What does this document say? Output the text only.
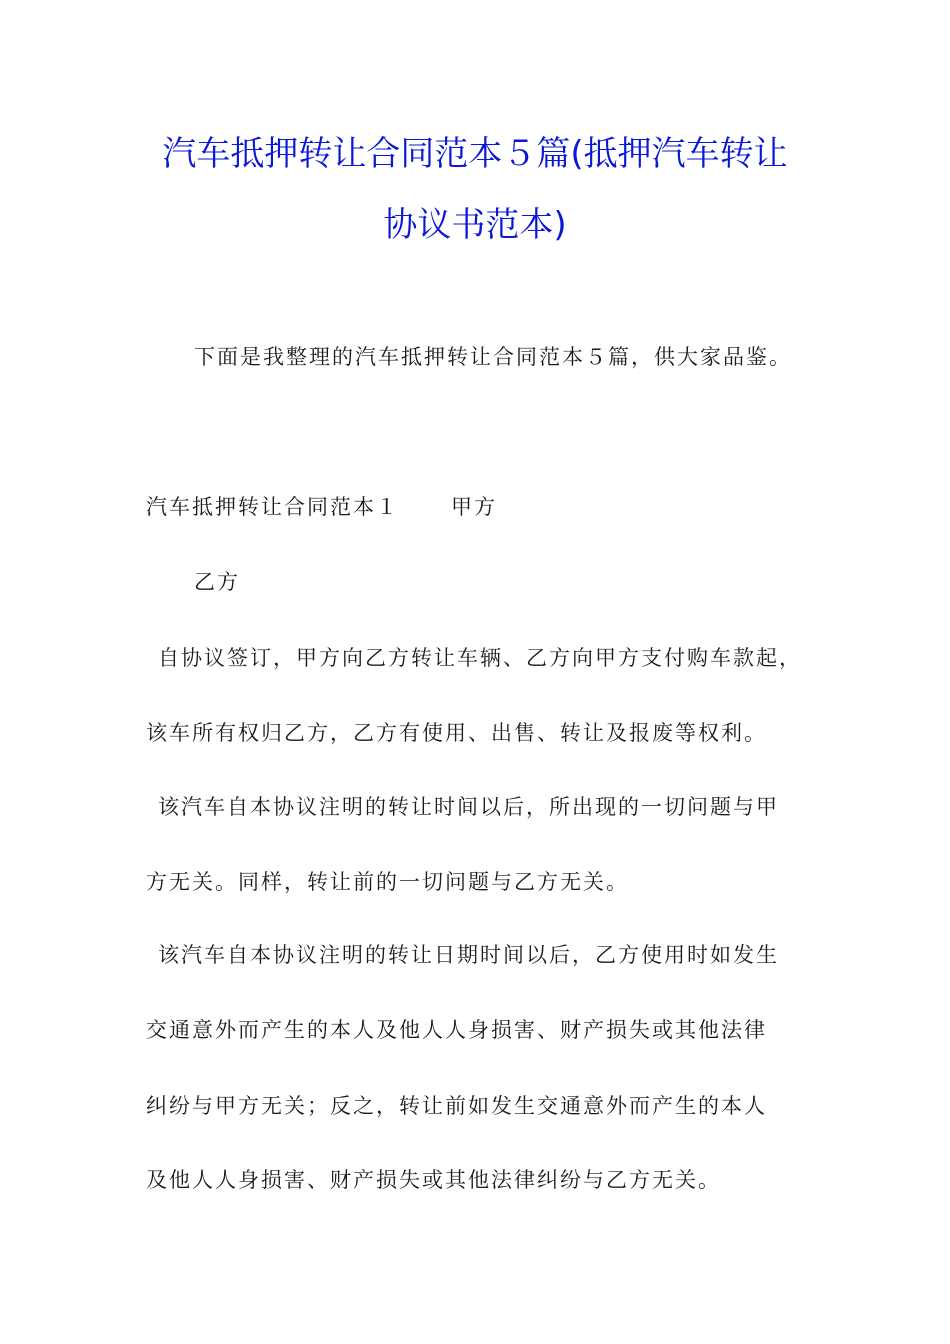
汽车抵押转让合同范本５篇(抵押汽车转让
协议书范本)
下面是我整理的汽车抵押转让合同范本５篇，供大家品鉴。
汽车抵押转让合同范本１ 甲方
乙方
自协议签订，甲方向乙方转让车辆、乙方向甲方支付购车款起，
该车所有权归乙方，乙方有使用、出售、转让及报废等权利。
该汽车自本协议注明的转让时间以后，所出现的一切问题与甲
方无关。同样，转让前的一切问题与乙方无关。
该汽车自本协议注明的转让日期时间以后，乙方使用时如发生
交通意外而产生的本人及他人人身损害、财产损失或其他法律
纠纷与甲方无关；反之，转让前如发生交通意外而产生的本人
及他人人身损害、财产损失或其他法律纠纷与乙方无关。
